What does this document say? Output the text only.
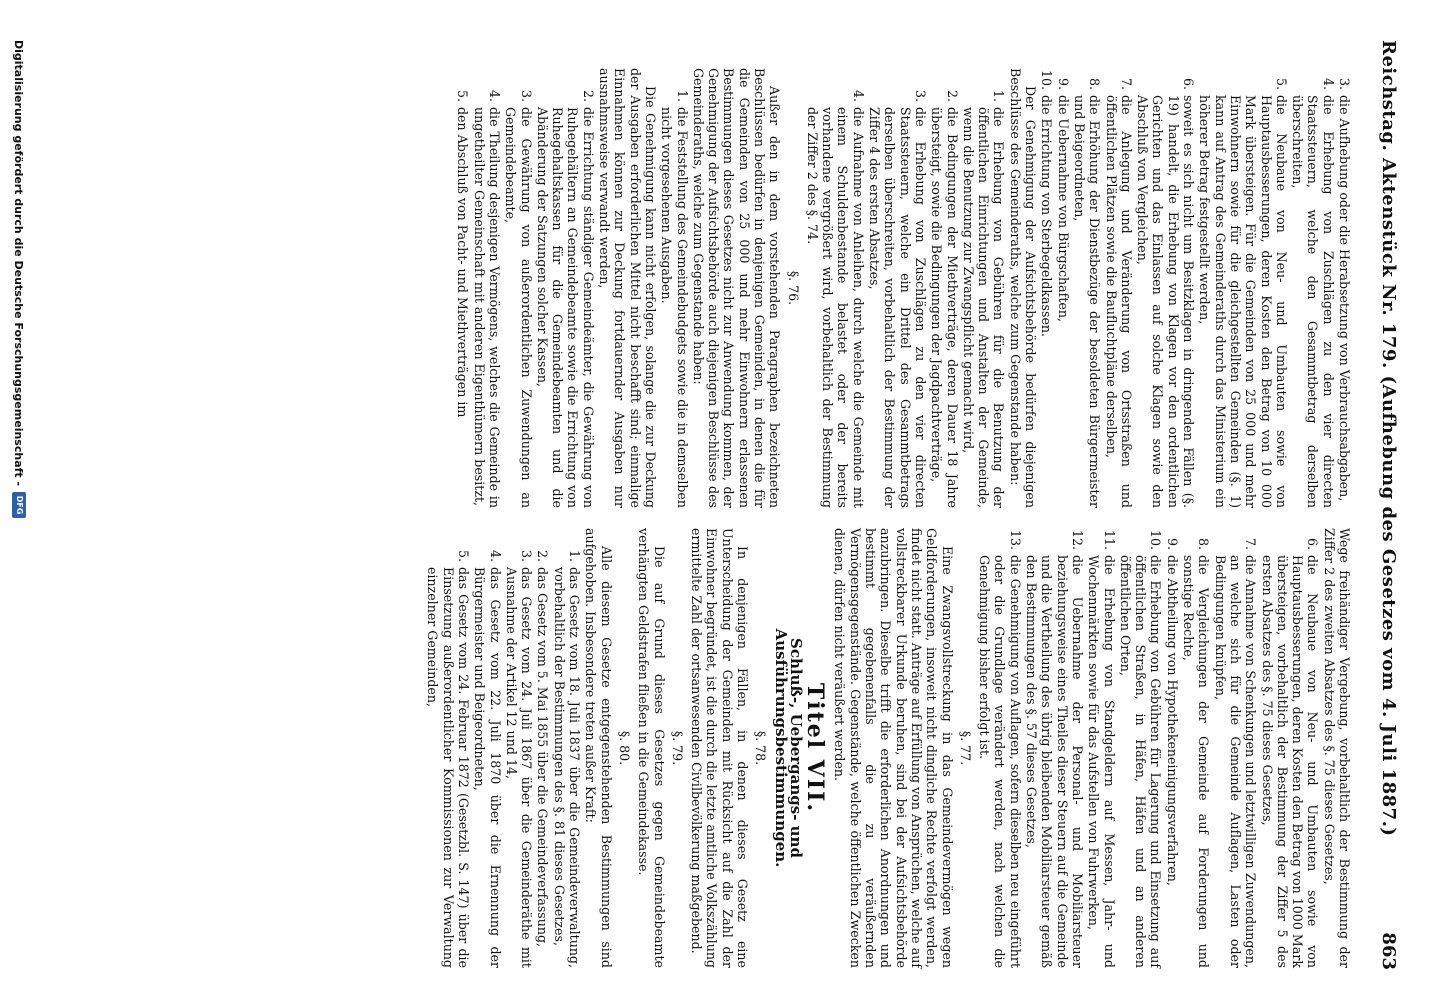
Reichstag. Aktenstück Nr. 179. (Aufhebung des Gesetzes vom 4. Juli 1887.)
863
3.
die Aufhebung oder die Herabsetzung von Verbrauchsabgaben,
4.
die Erhebung von Zuschlägen zu den vier directen Staatssteuern, welche den Gesammtbetrag derselben überschreiten,
5.
die Neubaue von Neu- und Umbauten sowie von Hauptausbesserungen, deren Kosten den Betrag von 10 000 Mark übersteigen. Für die Gemeinden von 25 000 und mehr Einwohnern sowie für die gleichgestellten Gemeinden (§. 1) kann auf Antrag des Gemeinderaths durch das Ministerium ein höherer Betrag festgestellt werden,
6.
soweit es sich nicht um Besitzklagen in dringenden Fällen (§. 19) handelt, die Erhebung von Klagen vor den ordentlichen Gerichten und das Einlassen auf solche Klagen sowie den Abschluß von Vergleichen,
7.
die Anlegung und Veränderung von Ortsstraßen und öffentlichen Plätzen sowie die Baufluchtpläne derselben,
8.
die Erhöhung der Dienstbezüge der besoldeten Bürgermeister und Beigeordneten,
9.
die Uebernahme von Bürgschaften,
10.
die Errichtung von Sterbegeldkassen.
Der Genehmigung der Aufsichtsbehörde bedürfen diejenigen Beschlüsse des Gemeinderaths, welche zum Gegenstande haben:
1.
die Erhebung von Gebühren für die Benutzung der öffentlichen Einrichtungen und Anstalten der Gemeinde, wenn die Benutzung zur Zwangspflicht gemacht wird,
2.
die Bedingungen der Miethverträge, deren Dauer 18 Jahre übersteigt, sowie die Bedingungen der Jagdpachtverträge,
3.
die Erhebung von Zuschlägen zu den vier directen Staatssteuern, welche ein Drittel des Gesammtbetrags derselben überschreiten, vorbehaltlich der Bestimmung der Ziffer 4 des ersten Absatzes,
4.
die Aufnahme von Anleihen, durch welche die Gemeinde mit einem Schuldenbestande belastet oder der bereits vorhandene vergrößert wird, vorbehaltlich der Bestimmung der Ziffer 2 des §. 74.
§. 76.
Außer den in dem vorstehenden Paragraphen bezeichneten Beschlüssen bedürfen in denjenigen Gemeinden, in denen die für die Gemeinden von 25 000 und mehr Einwohnern erlassenen Bestimmungen dieses Gesetzes nicht zur Anwendung kommen, der Genehmigung der Aufsichtsbehörde auch diejenigen Beschlüsse des Gemeinderaths, welche zum Gegenstande haben:
1.
die Feststellung des Gemeindebudgets sowie die in demselben nicht vorgesehenen Ausgaben.
Die Genehmigung kann nicht erfolgen, solange die zur Deckung der Ausgaben erforderlichen Mittel nicht beschafft sind; einmalige Einnahmen können zur Deckung fortdauernder Ausgaben nur ausnahmsweise verwandt werden,
2.
die Errichtung ständiger Gemeindeämter, die Gewährung von Ruhegehältern an Gemeindebeamte sowie die Errichtung von Ruhegehaltskassen für die Gemeindebeamten und die Abänderung der Satzungen solcher Kassen,
3.
die Gewährung von außerordentlichen Zuwendungen an Gemeindebeamte,
4.
die Theilung desjenigen Vermögens, welches die Gemeinde in ungetheilter Gemeinschaft mit anderen Eigenthümern besitzt,
5.
den Abschluß von Pacht- und Miethverträgen im
Wege freihändiger Vergebung, vorbehaltlich der Bestimmung der Ziffer 2 des zweiten Absatzes des §. 75 dieses Gesetzes,
6.
die Neubaue von Neu- und Umbauten sowie von Hauptausbesserungen, deren Kosten den Betrag von 1000 Mark übersteigen, vorbehaltlich der Bestimmung der Ziffer 5 des ersten Absatzes des §. 75 dieses Gesetzes,
7.
die Annahme von Schenkungen und letztwilligen Zuwendungen, an welche sich für die Gemeinde Auflagen, Lasten oder Bedingungen knüpfen,
8.
die Vergleichungen der Gemeinde auf Forderungen und sonstige Rechte,
9.
die Abtheilung von Hypothekeneinigungsverfahren,
10.
die Erhebung von Gebühren für Lagerung und Einsetzung auf öffentlichen Straßen, in Häfen, Häfen und an anderen öffentlichen Orten,
11.
die Erhebung von Standgeldern auf Messen, Jahr- und Wochenmärkten sowie für das Aufstellen von Fuhrwerken,
12.
die Uebernahme der Personal- und Mobiliarsteuer beziehungsweise eines Theiles dieser Steuern auf die Gemeinde und die Vertheilung des übrig bleibenden Mobiliarsteuer gemäß den Bestimmungen des §. 57 dieses Gesetzes,
13.
die Genehmigung von Auflagen, sofern dieselben neu eingeführt oder die Grundlage verändert werden, nach welchen die Genehmigung bisher erfolgt ist.
§. 77.
Eine Zwangsvollstreckung in das Gemeindevermögen wegen Geldforderungen, insoweit nicht dingliche Rechte verfolgt werden, findet nicht statt. Anträge auf Erfüllung von Ansprüchen, welche auf vollstreckbarer Urkunde beruhen, sind bei der Aufsichtsbehörde anzubringen. Dieselbe trifft die erforderlichen Anordnungen und bestimmt gegebenenfalls die zu veräußernden Vermögensgegenstände. Gegenstände, welche öffentlichen Zwecken dienen, dürfen nicht veräußert werden.
Titel VII.
Schluß-, Uebergangs- und Ausführungsbestimmungen.
§. 78.
In denjenigen Fällen, in denen dieses Gesetz eine Unterscheidung der Gemeinden mit Rücksicht auf die Zahl der Einwohner begründet, ist die durch die letzte amtliche Volkszählung ermittelte Zahl der ortsanwesenden Civilbevölkerung maßgebend.
§. 79.
Die auf Grund dieses Gesetzes gegen Gemeindebeamte verhängten Geldstrafen fließen in die Gemeindekasse.
§. 80.
Alle diesem Gesetze entgegenstehenden Bestimmungen sind aufgehoben. Insbesondere treten außer Kraft:
1.
das Gesetz vom 18. Juli 1837 über die Gemeindeverwaltung, vorbehaltlich der Bestimmungen des §. 81 dieses Gesetzes,
2.
das Gesetz vom 5. Mai 1855 über die Gemeindeverfassung,
3.
das Gesetz vom 24. Juli 1867 über die Gemeinderäthe mit Ausnahme der Artikel 12 und 14,
4.
das Gesetz vom 22. Juli 1870 über die Ernennung der Bürgermeister und Beigeordneten,
5.
das Gesetz vom 24. Februar 1872 (Gesetzbl. S. 147) über die Einsetzung außerordentlicher Kommissionen zur Verwaltung einzelner Gemeinden,
Digitalisierung gefördert durch die Deutsche Forschungsgemeinschaft -
DFG
